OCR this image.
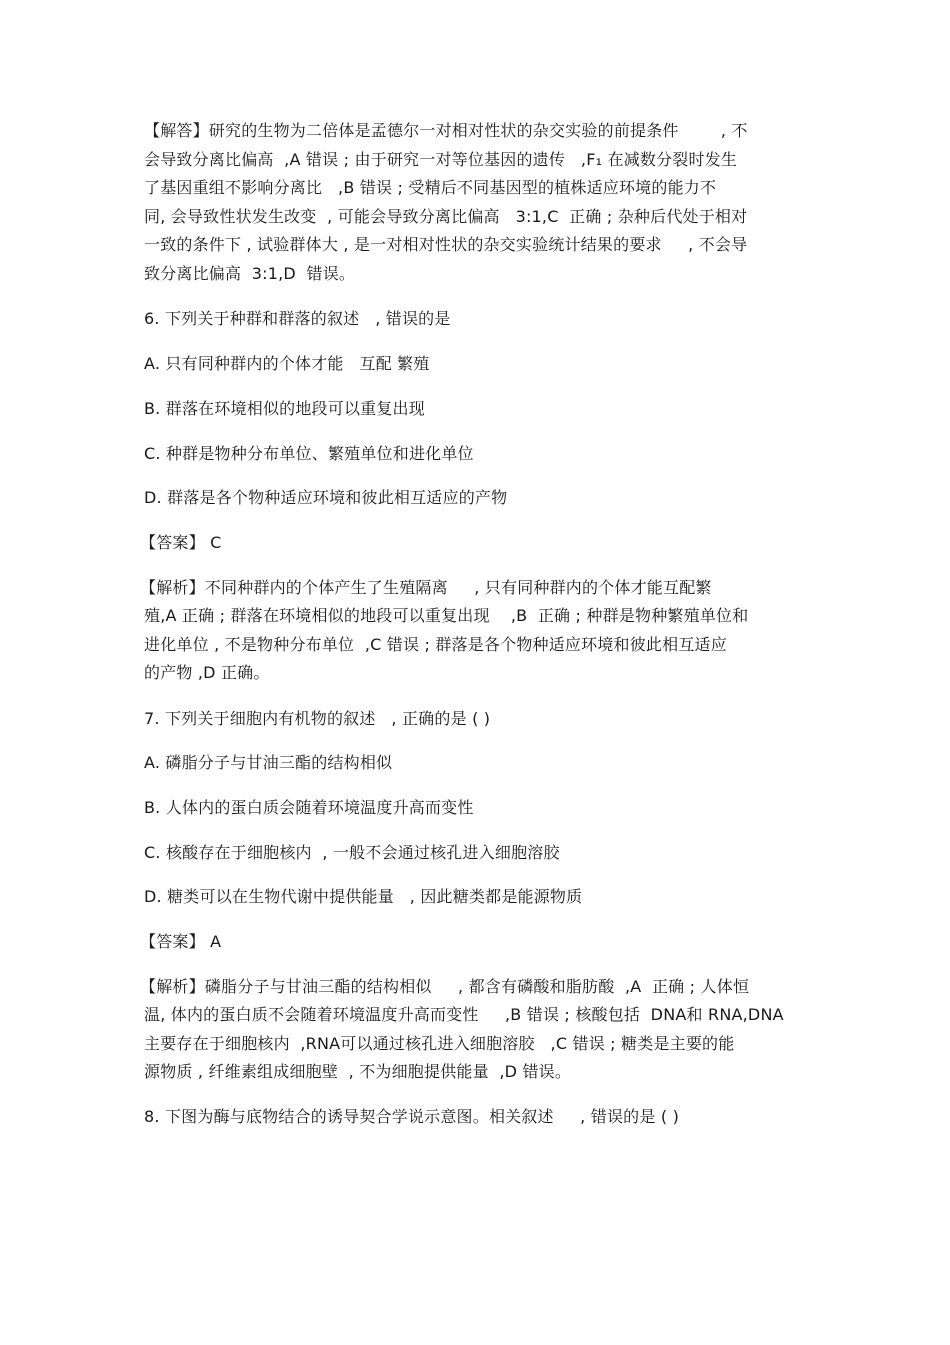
【解答】研究的生物为二倍体是孟德尔一对相对性状的杂交实验的前提条件        , 不
会导致分离比偏高  ,A 错误 ; 由于研究一对等位基因的遗传   ,F₁ 在减数分裂时发生
了基因重组不影响分离比   ,B 错误 ; 受精后不同基因型的植株适应环境的能力不
同, 会导致性状发生改变  , 可能会导致分离比偏高   3:1,C  正确 ; 杂种后代处于相对
一致的条件下 , 试验群体大 , 是一对相对性状的杂交实验统计结果的要求     , 不会导
致分离比偏高  3:1,D  错误。
6. 下列关于种群和群落的叙述   , 错误的是
A. 只有同种群内的个体才能   互配 繁殖
B. 群落在环境相似的地段可以重复出现
C. 种群是物种分布单位、繁殖单位和进化单位
D. 群落是各个物种适应环境和彼此相互适应的产物
【答案】 C
【解析】不同种群内的个体产生了生殖隔离     , 只有同种群内的个体才能互配繁
殖,A 正确 ; 群落在环境相似的地段可以重复出现    ,B  正确 ; 种群是物种繁殖单位和
进化单位 , 不是物种分布单位  ,C 错误 ; 群落是各个物种适应环境和彼此相互适应
的产物 ,D 正确。
7. 下列关于细胞内有机物的叙述   , 正确的是 ( )
A. 磷脂分子与甘油三酯的结构相似
B. 人体内的蛋白质会随着环境温度升高而变性
C. 核酸存在于细胞核内  , 一般不会通过核孔进入细胞溶胶
D. 糖类可以在生物代谢中提供能量   , 因此糖类都是能源物质
【答案】 A
【解析】磷脂分子与甘油三酯的结构相似     , 都含有磷酸和脂肪酸  ,A  正确 ; 人体恒
温, 体内的蛋白质不会随着环境温度升高而变性     ,B 错误 ; 核酸包括  DNA和 RNA,DNA
主要存在于细胞核内  ,RNA可以通过核孔进入细胞溶胶   ,C 错误 ; 糖类是主要的能
源物质 , 纤维素组成细胞壁  , 不为细胞提供能量  ,D 错误。
8. 下图为酶与底物结合的诱导契合学说示意图。相关叙述     , 错误的是 ( )
